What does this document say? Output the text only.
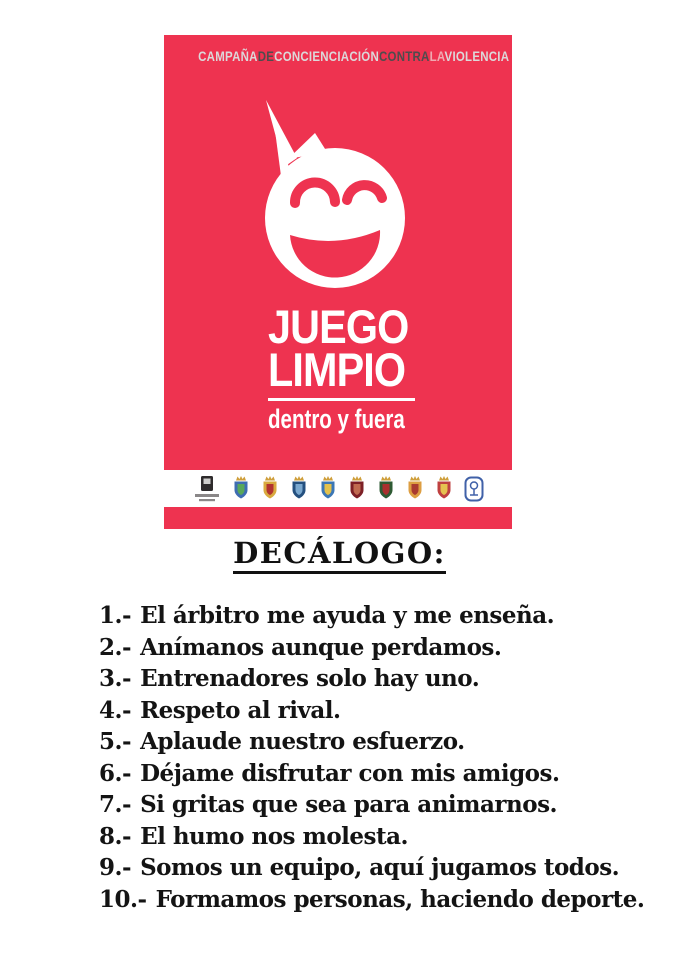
CAMPAÑADECONCIENCIACIÓNCONTRALAVIOLENCIA
JUEGO
LIMPIO
dentro y fuera
DECÁLOGO:
1.- El árbitro me ayuda y me enseña.
2.- Anímanos aunque perdamos.
3.- Entrenadores solo hay uno.
4.- Respeto al rival.
5.- Aplaude nuestro esfuerzo.
6.- Déjame disfrutar con mis amigos.
7.- Si gritas que sea para animarnos.
8.- El humo nos molesta.
9.- Somos un equipo, aquí jugamos todos.
10.- Formamos personas, haciendo deporte.
